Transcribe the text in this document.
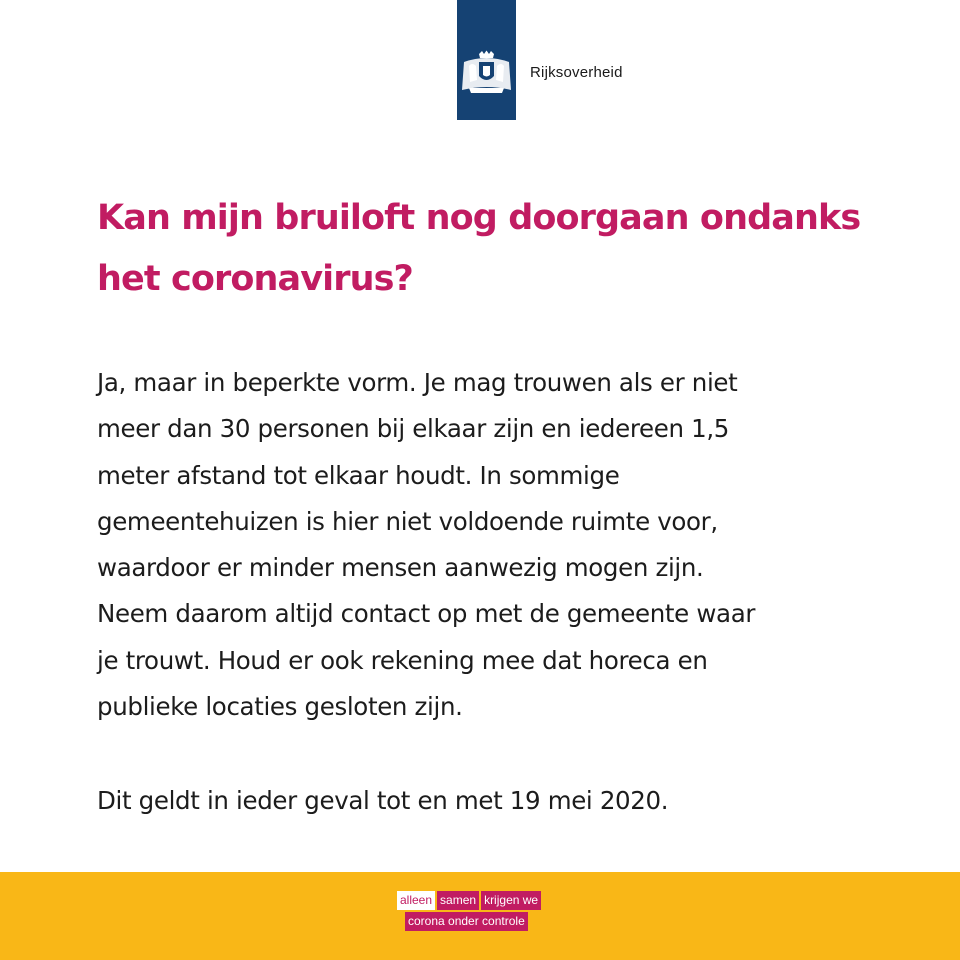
Rijksoverheid
Kan mijn bruiloft nog doorgaan ondanks
het coronavirus?

Ja, maar in beperkte vorm. Je mag trouwen als er niet
meer dan 30 personen bij elkaar zijn en iedereen 1,5
meter afstand tot elkaar houdt. In sommige
gemeentehuizen is hier niet voldoende ruimte voor,
waardoor er minder mensen aanwezig mogen zijn.
Neem daarom altijd contact op met de gemeente waar
je trouwt. Houd er ook rekening mee dat horeca en
publieke locaties gesloten zijn.

Dit geldt in ieder geval tot en met 19 mei 2020.

alleen samen krijgen we
corona onder controle
